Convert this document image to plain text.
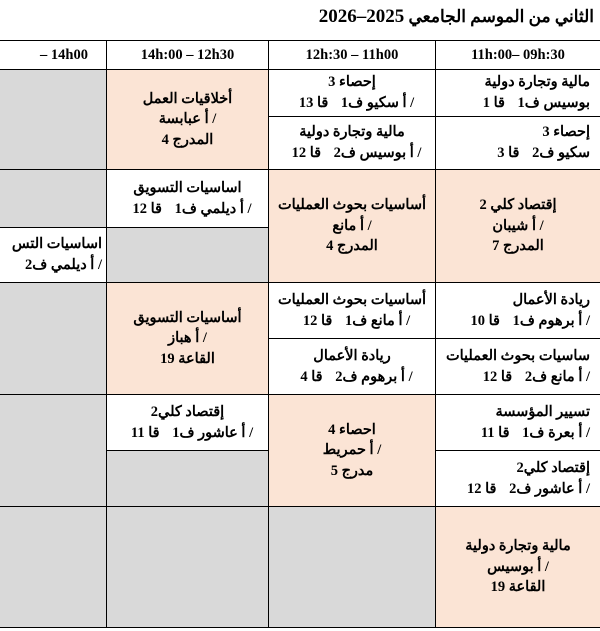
الثاني من الموسم الجامعي 2025–2026
11h:00– 09h:30
12h:30 – 11h00
14h:00 – 12h30
– 14h00
مالية وتجارة دولية
بوسيس ف1 قا 1
إحصاء 3
سكيو ف2 قا 3
إحصاء 3
/ أ سكيو ف1 قا 13
مالية وتجارة دولية
/ أ بوسيس ف2 قا 12
أخلاقيات العمل
/ أ عبابسة
المدرج 4
إقتصاد كلي 2
/ أ شيبان
المدرج 7
أساسيات بحوث العمليات
/ أ مانع
المدرج 4
اساسيات التسويق
/ أ ديلمي ف1 قا 12
اساسيات التس
/ أ ديلمي ف2
ريادة الأعمال
/ أ برهوم ف1 قا 10
ساسيات بحوث العمليات
/ أ مانع ف2 قا 12
أساسيات بحوث العمليات
/ أ مانع ف1 قا 12
ريادة الأعمال
/ أ برهوم ف2 قا 4
أساسيات التسويق
/ أ هباز
القاعة 19
تسيير المؤسسة
/ أ بعرة ف1 قا 11
إقتصاد كلي2
/ أ عاشور ف2 قا 12
احصاء 4
/ أ حمريط
مدرج 5
إقتصاد كلي2
/ أ عاشور ف1 قا 11
مالية وتجارة دولية
/ أ بوسيس
القاعة 19
